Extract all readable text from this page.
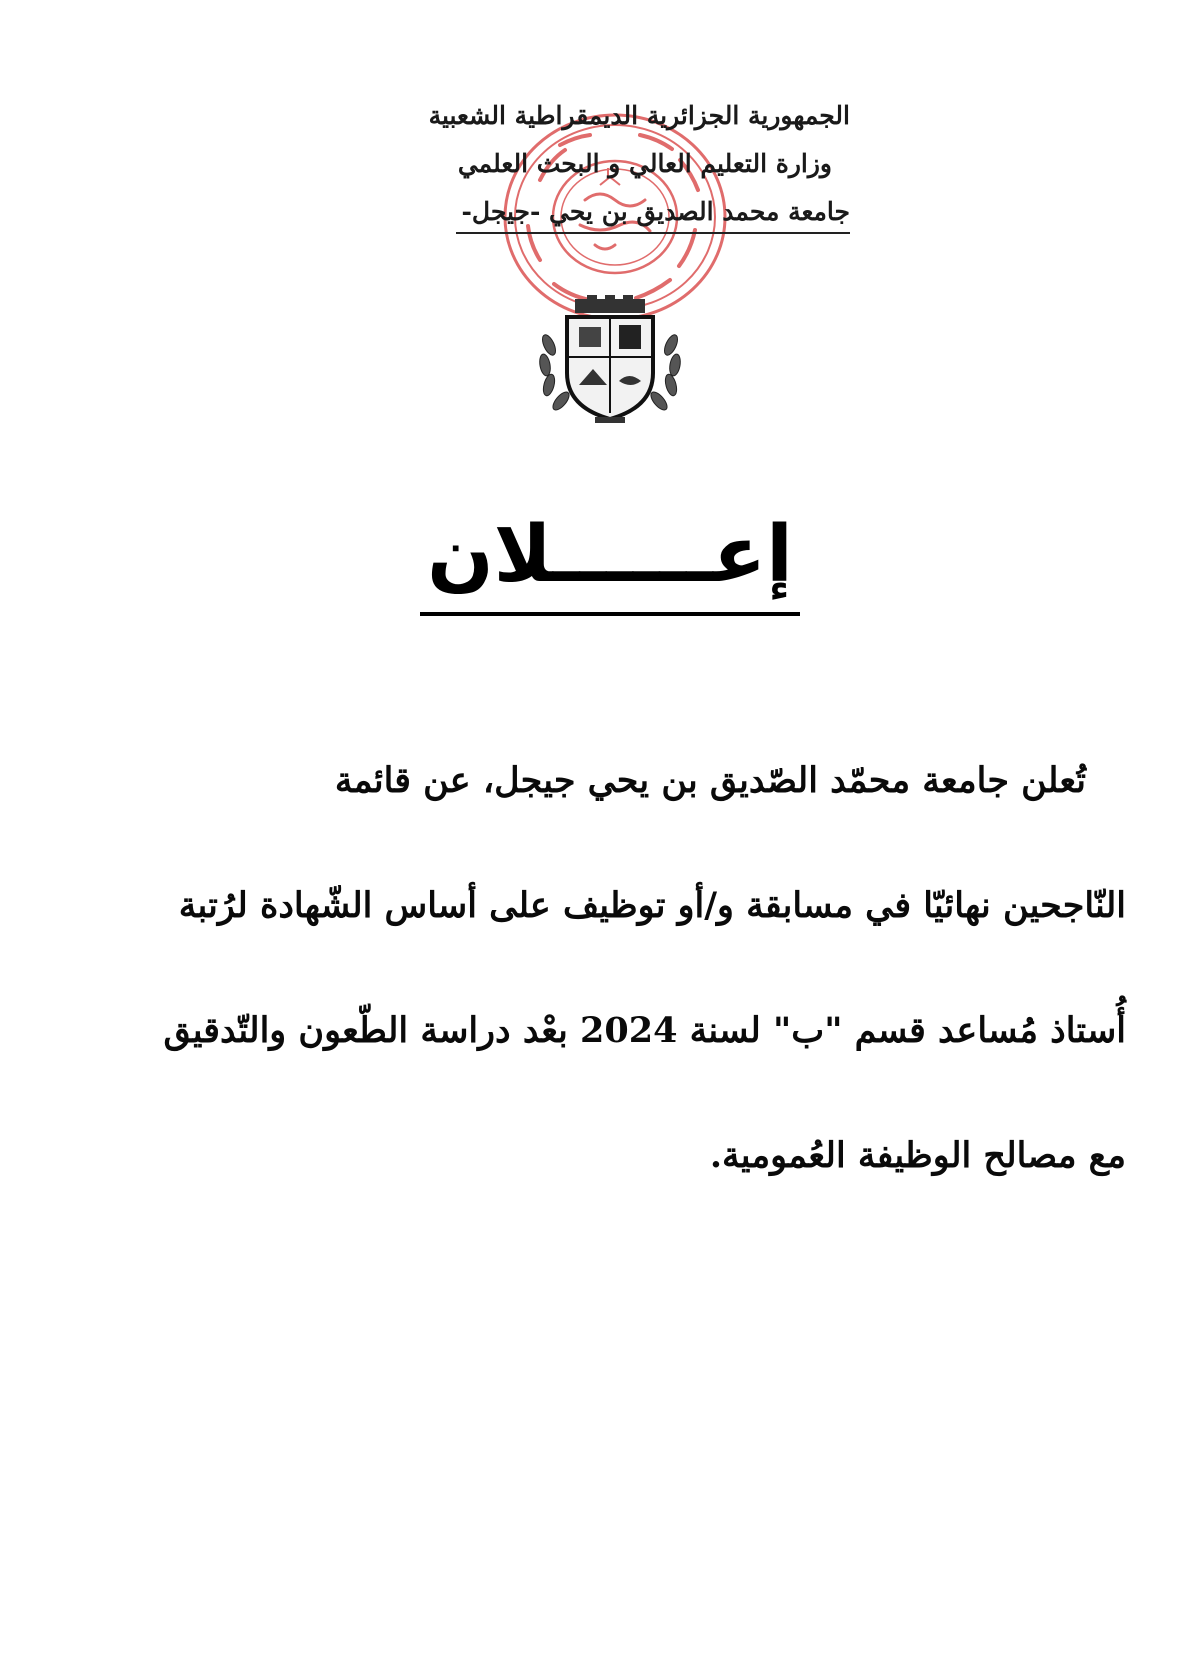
الجمهورية الجزائرية الديمقراطية الشعبية
وزارة التعليم العالي و البحث العلمي
جامعة محمد الصديق بن يحي -جيجل-
إعــــــلان
تُعلن جامعة محمّد الصّديق بن يحي جيجل، عن قائمة
النّاجحين نهائيّا في مسابقة و/أو توظيف على أساس الشّهادة لرُتبة
أُستاذ مُساعد قسم "ب" لسنة 2024 بعْد دراسة الطّعون والتّدقيق
مع مصالح الوظيفة العُمومية.
